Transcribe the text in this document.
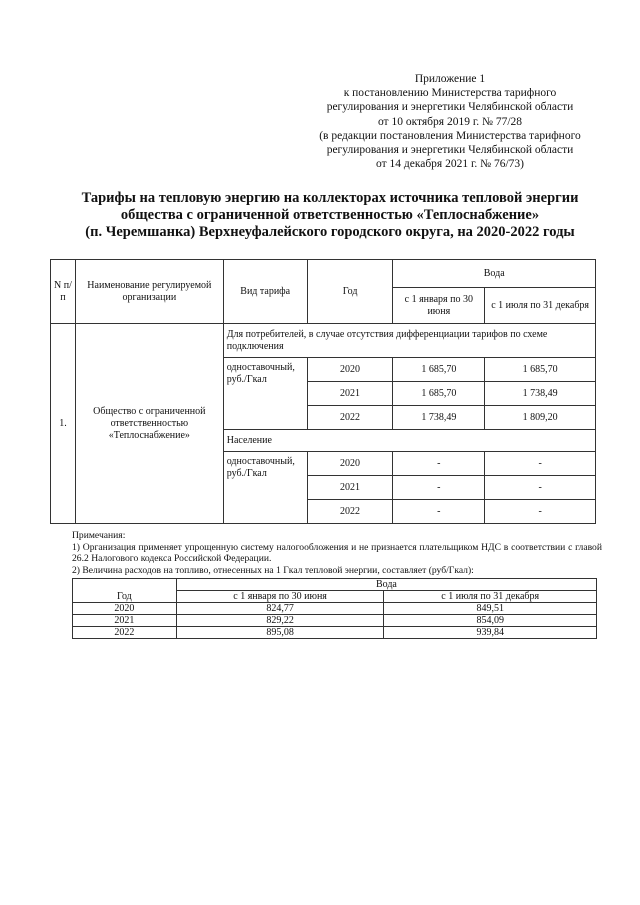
Приложение 1
к постановлению Министерства тарифного
регулирования и энергетики Челябинской области
от 10 октября 2019 г. № 77/28
(в редакции постановления Министерства тарифного
регулирования и энергетики Челябинской области
от 14 декабря 2021 г. № 76/73)
Тарифы на тепловую энергию на коллекторах источника тепловой энергии
общества с ограниченной ответственностью «Теплоснабжение»
(п. Черемшанка) Верхнеуфалейского городского округа, на 2020-2022 годы
N п/п	Наименование регулируемой организации	Вид тарифа	Год	Вода	
				с 1 января по 30 июня	с 1 июля по 31 декабря
1.	Общество с ограниченной ответственностью «Теплоснабжение»	Для потребителей, в случае отсутствия дифференциации тарифов по схеме подключения			
		одноставочный, руб./Гкал	2020	1 685,70	1 685,70
			2021	1 685,70	1 738,49
			2022	1 738,49	1 809,20
		Население			
		одноставочный, руб./Гкал	2020	-	-
			2021	-	-
			2022	-	-

Примечания:

1) Организация применяет упрощенную систему налогообложения и не признается плательщиком НДС в соответствии с главой 26.2 Налогового кодекса Российской Федерации.

2) Величина расходов на топливо, отнесенных на 1 Гкал тепловой энергии, составляет (руб/Гкал):

Год	Вода	
	с 1 января по 30 июня	с 1 июля по 31 декабря
2020	824,77	849,51
2021	829,22	854,09
2022	895,08	939,84
